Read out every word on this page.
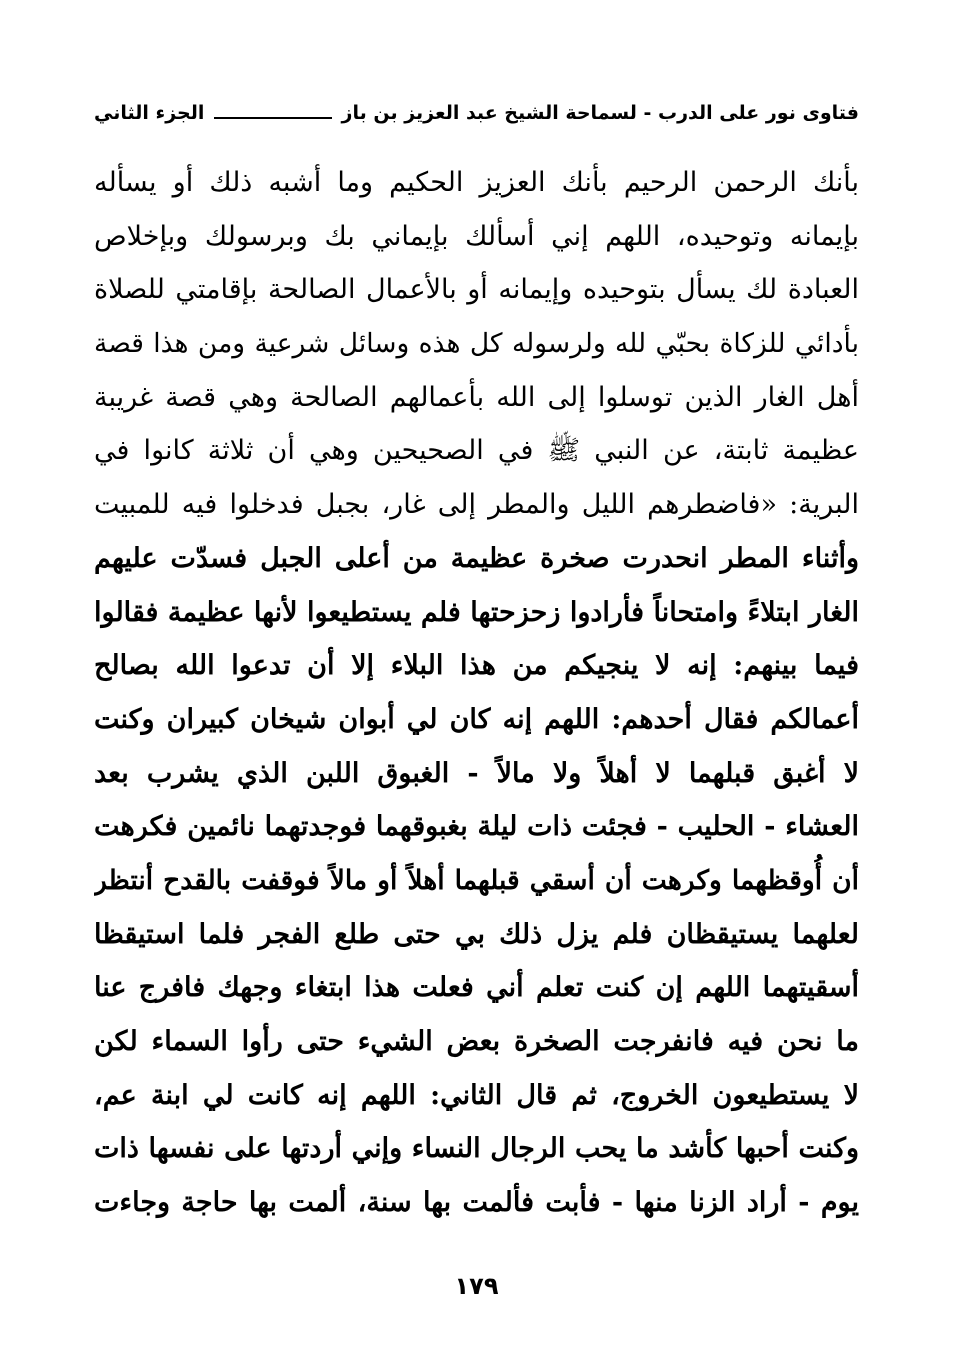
فتاوى نور على الدرب - لسماحة الشيخ عبد العزيز بن باز
الجزء الثاني
بأنك الرحمن الرحيم بأنك العزيز الحكيم وما أشبه ذلك أو يسأله
بإيمانه وتوحيده، اللهم إني أسألك بإيماني بك وبرسولك وبإخلاص
العبادة لك يسأل بتوحيده وإيمانه أو بالأعمال الصالحة بإقامتي للصلاة
بأدائي للزكاة بحبّي لله ولرسوله كل هذه وسائل شرعية ومن هذا قصة
أهل الغار الذين توسلوا إلى الله بأعمالهم الصالحة وهي قصة غريبة
عظيمة ثابتة، عن النبي ﷺ في الصحيحين وهي أن ثلاثة كانوا في
البرية: «فاضطرهم الليل والمطر إلى غار، بجبل فدخلوا فيه للمبيت
وأثناء المطر انحدرت صخرة عظيمة من أعلى الجبل فسدّت عليهم
الغار ابتلاءً وامتحاناً فأرادوا زحزحتها فلم يستطيعوا لأنها عظيمة فقالوا
فيما بينهم: إنه لا ينجيكم من هذا البلاء إلا أن تدعوا الله بصالح
أعمالكم فقال أحدهم: اللهم إنه كان لي أبوان شيخان كبيران وكنت
لا أغبق قبلهما لا أهلاً ولا مالاً - الغبوق اللبن الذي يشرب بعد
العشاء - الحليب - فجئت ذات ليلة بغبوقهما فوجدتهما نائمين فكرهت
أن أُوقظهما وكرهت أن أسقي قبلهما أهلاً أو مالاً فوقفت بالقدح أنتظر
لعلهما يستيقظان فلم يزل ذلك بي حتى طلع الفجر فلما استيقظا
أسقيتهما اللهم إن كنت تعلم أني فعلت هذا ابتغاء وجهك فافرج عنا
ما نحن فيه فانفرجت الصخرة بعض الشيء حتى رأوا السماء لكن
لا يستطيعون الخروج، ثم قال الثاني: اللهم إنه كانت لي ابنة عم،
وكنت أحبها كأشد ما يحب الرجال النساء وإني أردتها على نفسها ذات
يوم - أراد الزنا منها - فأبت فألمت بها سنة، ألمت بها حاجة وجاءت
١٧٩
